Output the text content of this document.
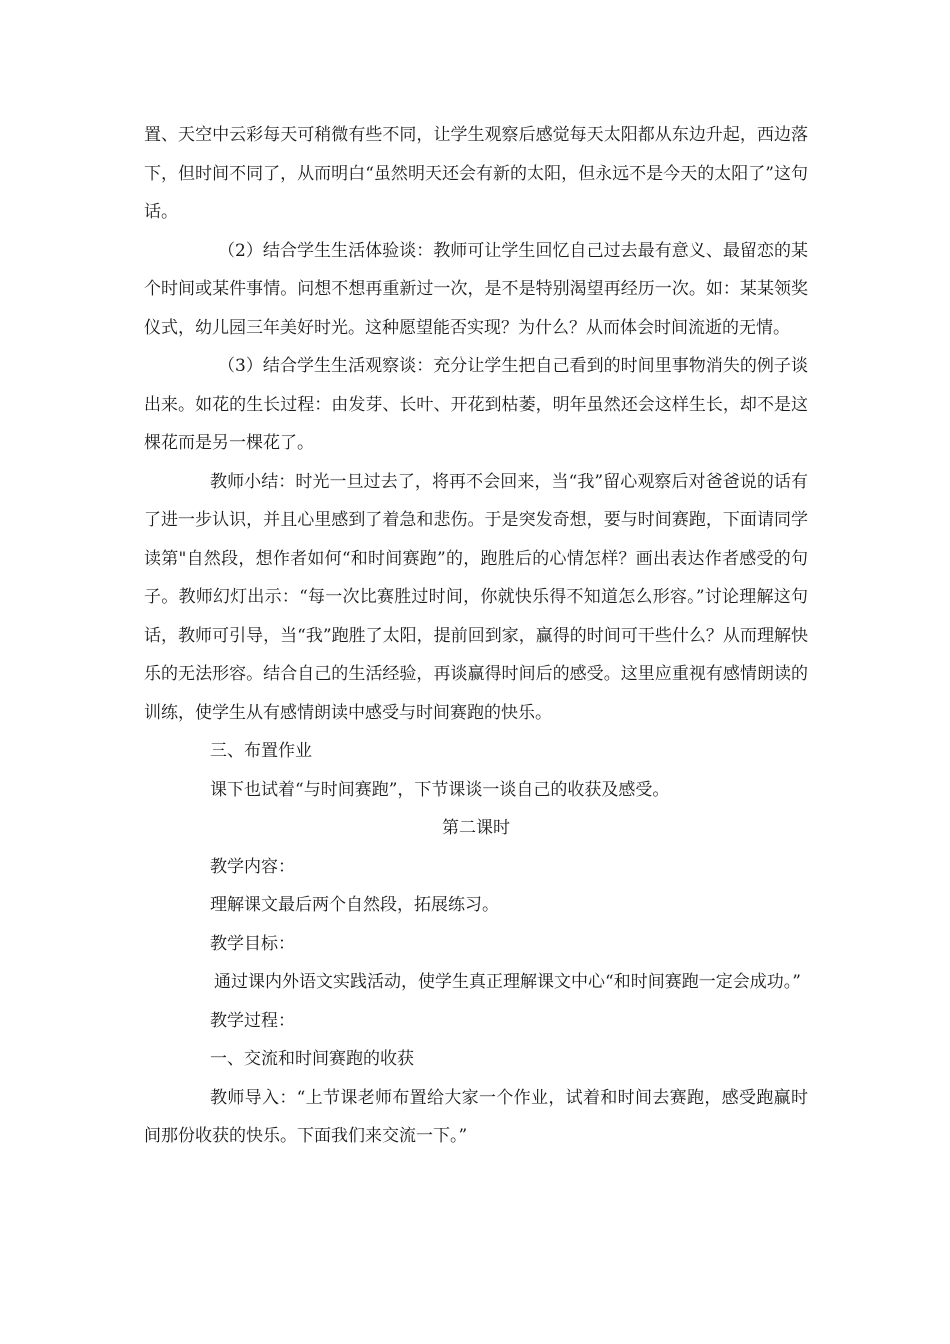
置、天空中云彩每天可稍微有些不同，让学生观察后感觉每天太阳都从东边升起，西边落下，但时间不同了，从而明白“虽然明天还会有新的太阳，但永远不是今天的太阳了”这句话。

（2）结合学生生活体验谈：教师可让学生回忆自己过去最有意义、最留恋的某个时间或某件事情。问想不想再重新过一次，是不是特别渴望再经历一次。如：某某领奖仪式，幼儿园三年美好时光。这种愿望能否实现？为什么？从而体会时间流逝的无情。

（3）结合学生生活观察谈：充分让学生把自己看到的时间里事物消失的例子谈出来。如花的生长过程：由发芽、长叶、开花到枯萎，明年虽然还会这样生长，却不是这棵花而是另一棵花了。

教师小结：时光一旦过去了，将再不会回来，当“我”留心观察后对爸爸说的话有了进一步认识，并且心里感到了着急和悲伤。于是突发奇想，要与时间赛跑，下面请同学读第"自然段，想作者如何“和时间赛跑”的，跑胜后的心情怎样？画出表达作者感受的句子。教师幻灯出示：“每一次比赛胜过时间，你就快乐得不知道怎么形容。”讨论理解这句话，教师可引导，当“我”跑胜了太阳，提前回到家，赢得的时间可干些什么？从而理解快乐的无法形容。结合自己的生活经验，再谈赢得时间后的感受。这里应重视有感情朗读的训练，使学生从有感情朗读中感受与时间赛跑的快乐。

三、布置作业

课下也试着“与时间赛跑”，下节课谈一谈自己的收获及感受。

第二课时

教学内容：

理解课文最后两个自然段，拓展练习。

教学目标：

通过课内外语文实践活动，使学生真正理解课文中心“和时间赛跑一定会成功。”

教学过程：

一、交流和时间赛跑的收获

教师导入：“上节课老师布置给大家一个作业，试着和时间去赛跑，感受跑赢时间那份收获的快乐。下面我们来交流一下。”
